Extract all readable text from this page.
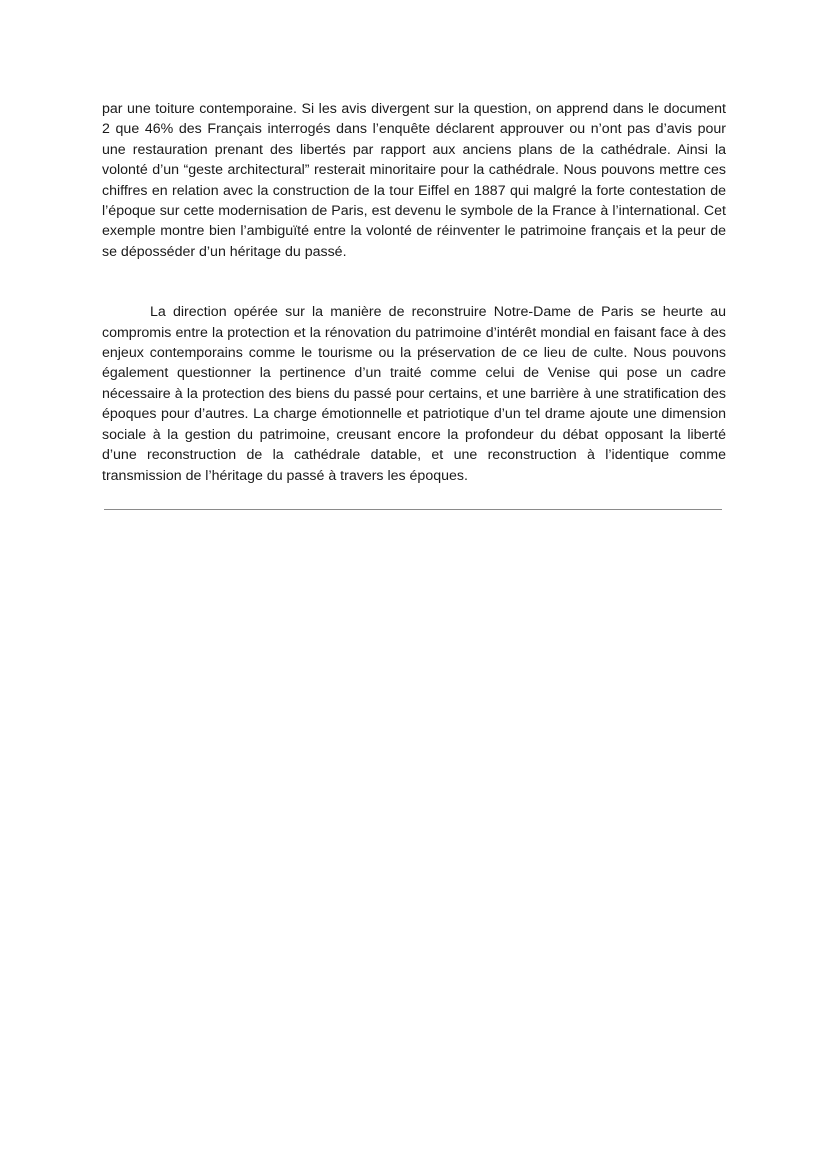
par une toiture contemporaine. Si les avis divergent sur la question, on apprend dans le document 2 que 46% des Français interrogés dans l’enquête déclarent approuver ou n’ont pas d’avis pour une restauration prenant des libertés par rapport aux anciens plans de la cathédrale. Ainsi la volonté d’un “geste architectural” resterait minoritaire pour la cathédrale. Nous pouvons mettre ces chiffres en relation avec la construction de la tour Eiffel en 1887 qui malgré la forte contestation de l’époque sur cette modernisation de Paris, est devenu le symbole de la France à l’international. Cet exemple montre bien l’ambiguïté entre la volonté de réinventer le patrimoine français et la peur de se déposséder d’un héritage du passé.

La direction opérée sur la manière de reconstruire Notre-Dame de Paris se heurte au compromis entre la protection et la rénovation du patrimoine d’intérêt mondial en faisant face à des enjeux contemporains comme le tourisme ou la préservation de ce lieu de culte. Nous pouvons également questionner la pertinence d’un traité comme celui de Venise qui pose un cadre nécessaire à la protection des biens du passé pour certains, et une barrière à une stratification des époques pour d’autres. La charge émotionnelle et patriotique d’un tel drame ajoute une dimension sociale à la gestion du patrimoine, creusant encore la profondeur du débat opposant la liberté d’une reconstruction de la cathédrale datable, et une reconstruction à l’identique comme transmission de l’héritage du passé à travers les époques.
